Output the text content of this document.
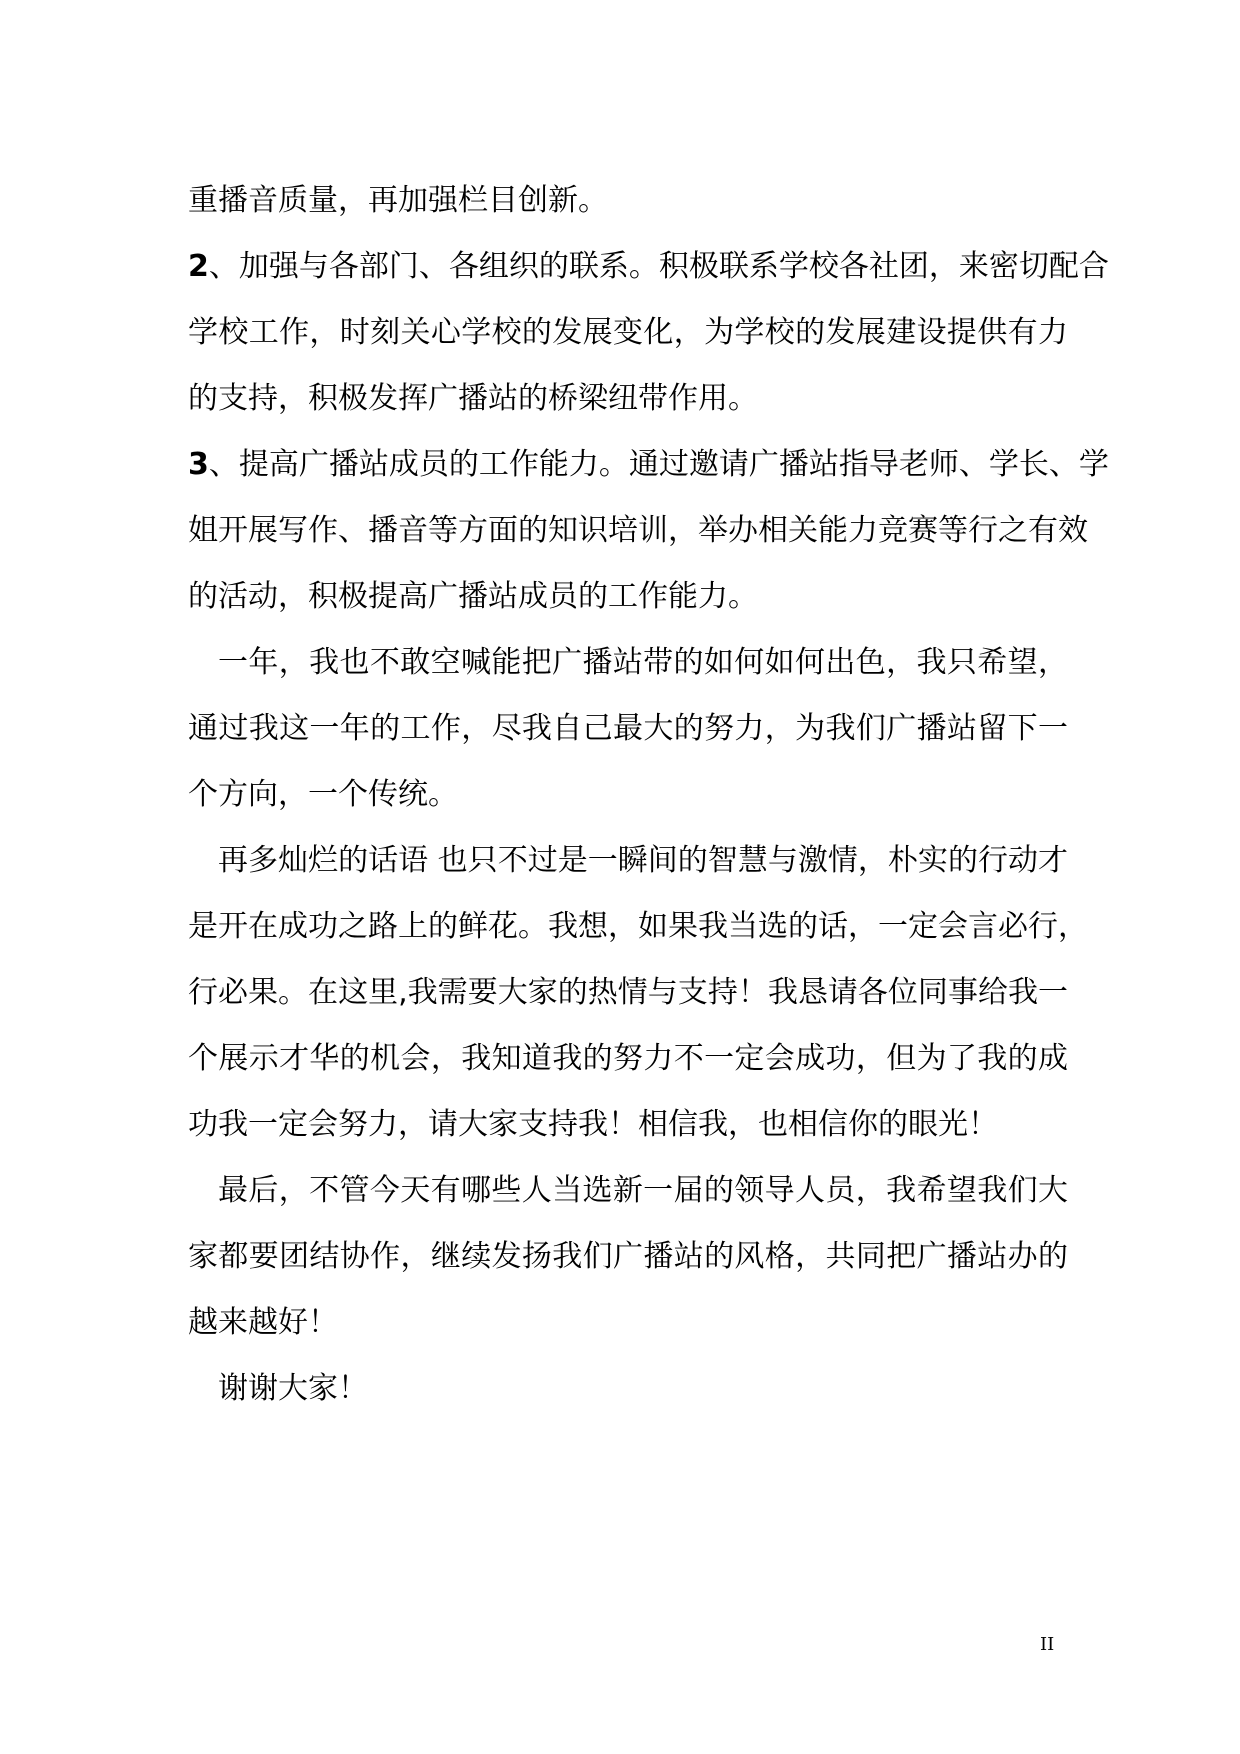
重播音质量，再加强栏目创新。
2、加强与各部门、各组织的联系。积极联系学校各社团，来密切配合
学校工作，时刻关心学校的发展变化，为学校的发展建设提供有力
的支持，积极发挥广播站的桥梁纽带作用。
3、提高广播站成员的工作能力。通过邀请广播站指导老师、学长、学
姐开展写作、播音等方面的知识培训，举办相关能力竞赛等行之有效
的活动，积极提高广播站成员的工作能力。
一年，我也不敢空喊能把广播站带的如何如何出色，我只希望，
通过我这一年的工作，尽我自己最大的努力，为我们广播站留下一
个方向，一个传统。
再多灿烂的话语 也只不过是一瞬间的智慧与激情，朴实的行动才
是开在成功之路上的鲜花。我想，如果我当选的话，一定会言必行，
行必果。在这里,我需要大家的热情与支持！我恳请各位同事给我一
个展示才华的机会，我知道我的努力不一定会成功，但为了我的成
功我一定会努力，请大家支持我！相信我，也相信你的眼光！
最后，不管今天有哪些人当选新一届的领导人员，我希望我们大
家都要团结协作，继续发扬我们广播站的风格，共同把广播站办的
越来越好！
谢谢大家！
II
